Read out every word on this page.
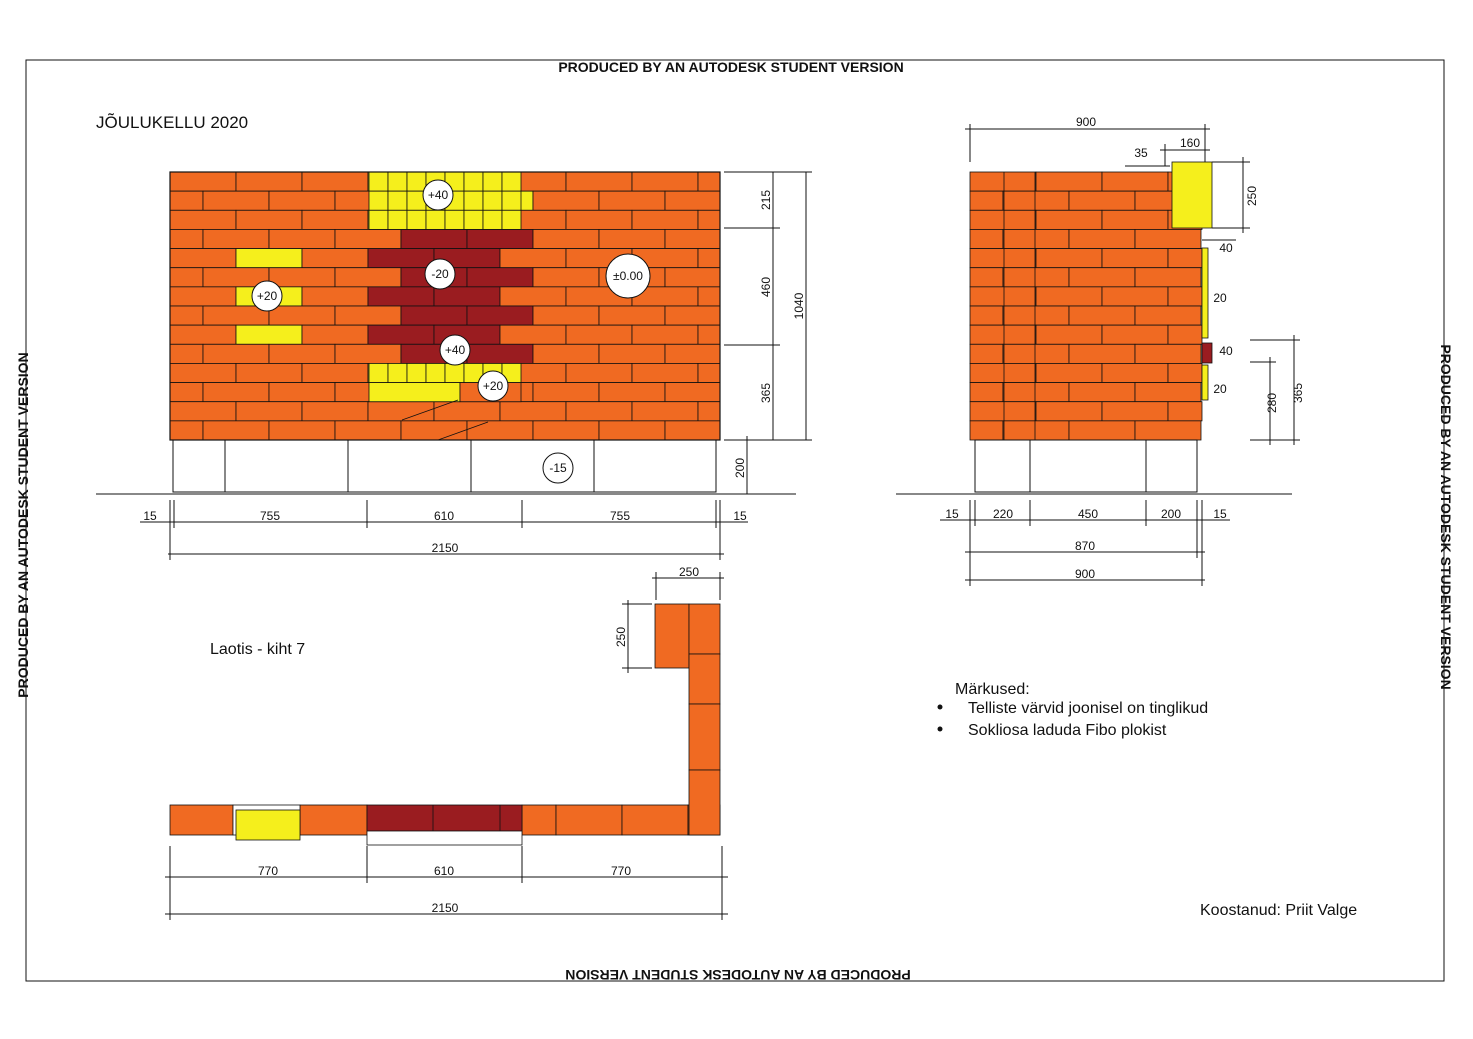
PRODUCED BY AN AUTODESK STUDENT VERSION
PRODUCED BY AN AUTODESK STUDENT VERSION
PRODUCED BY AN AUTODESK STUDENT VERSION	PRODUCED BY AN AUTODESK STUDENT VERSION
JÕULUKELLU 2020
+40
+20
-20	±0.00
+40
+20
-15
215
460
365
1040
200
15	755	610	755	15
2150
900
160
35
250
40
20
40
20
280 365
15	220	450	200	15
870
900
Laotis - kiht 7
250
250
770	610	770
2150
Märkused:
Telliste värvid joonisel on tinglikud
Sokliosa laduda Fibo plokist
Koostanud: Priit Valge
